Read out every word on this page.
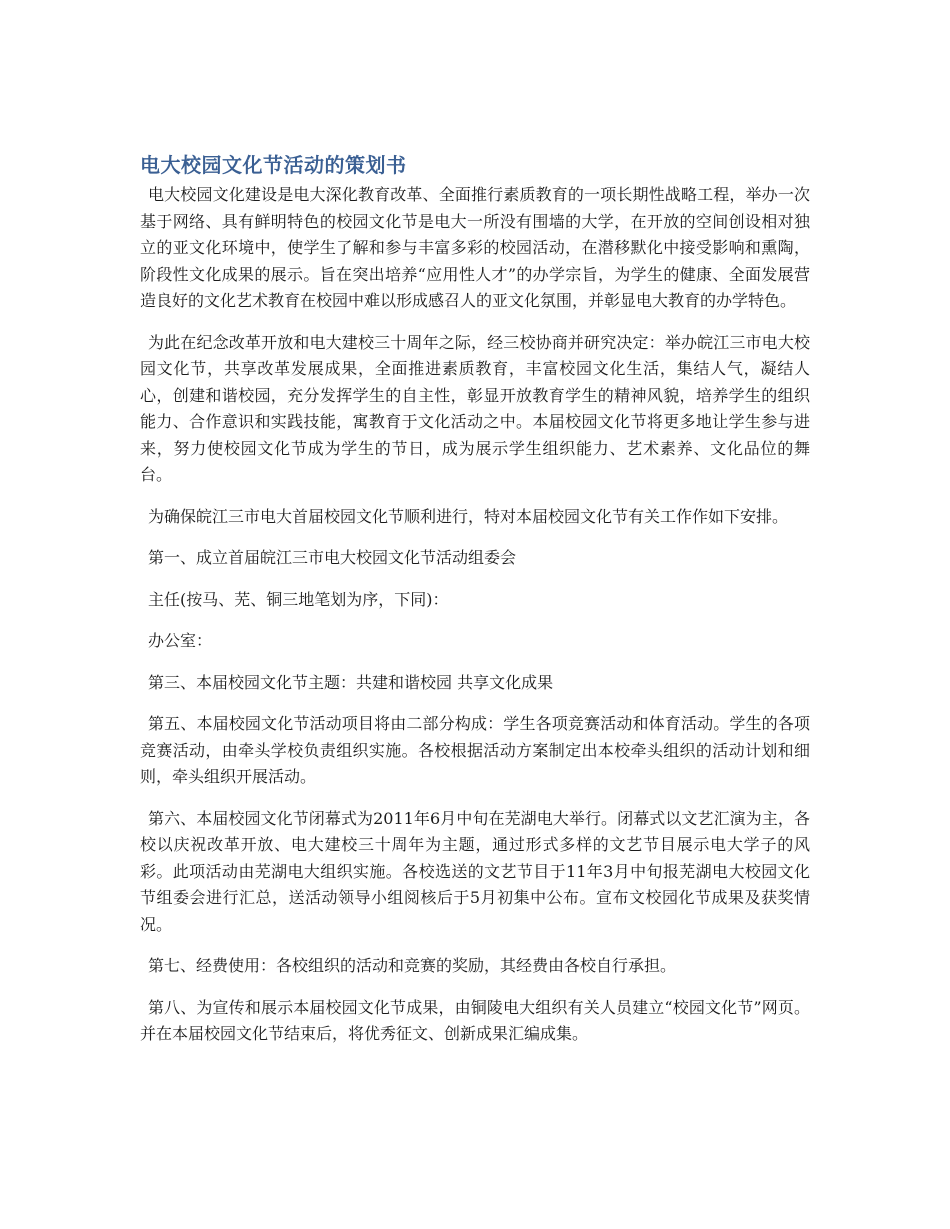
电大校园文化节活动的策划书

电大校园文化建设是电大深化教育改革、全面推行素质教育的一项长期性战略工程，举办一次基于网络、具有鲜明特色的校园文化节是电大一所没有围墙的大学，在开放的空间创设相对独立的亚文化环境中，使学生了解和参与丰富多彩的校园活动，在潜移默化中接受影响和熏陶，阶段性文化成果的展示。旨在突出培养“应用性人才”的办学宗旨，为学生的健康、全面发展营造良好的文化艺术教育在校园中难以形成感召人的亚文化氛围，并彰显电大教育的办学特色。

为此在纪念改革开放和电大建校三十周年之际，经三校协商并研究决定：举办皖江三市电大校园文化节，共享改革发展成果，全面推进素质教育，丰富校园文化生活，集结人气，凝结人心，创建和谐校园，充分发挥学生的自主性，彰显开放教育学生的精神风貌，培养学生的组织能力、合作意识和实践技能，寓教育于文化活动之中。本届校园文化节将更多地让学生参与进来，努力使校园文化节成为学生的节日，成为展示学生组织能力、艺术素养、文化品位的舞台。

为确保皖江三市电大首届校园文化节顺利进行，特对本届校园文化节有关工作作如下安排。

第一、成立首届皖江三市电大校园文化节活动组委会

主任(按马、芜、铜三地笔划为序，下同)：

办公室：

第三、本届校园文化节主题：共建和谐校园 共享文化成果

第五、本届校园文化节活动项目将由二部分构成：学生各项竞赛活动和体育活动。学生的各项竞赛活动，由牵头学校负责组织实施。各校根据活动方案制定出本校牵头组织的活动计划和细则，牵头组织开展活动。

第六、本届校园文化节闭幕式为2011年6月中旬在芜湖电大举行。闭幕式以文艺汇演为主，各校以庆祝改革开放、电大建校三十周年为主题，通过形式多样的文艺节目展示电大学子的风彩。此项活动由芜湖电大组织实施。各校选送的文艺节目于11年3月中旬报芜湖电大校园文化节组委会进行汇总，送活动领导小组阅核后于5月初集中公布。宣布文校园化节成果及获奖情况。

第七、经费使用：各校组织的活动和竞赛的奖励，其经费由各校自行承担。

第八、为宣传和展示本届校园文化节成果，由铜陵电大组织有关人员建立“校园文化节”网页。并在本届校园文化节结束后，将优秀征文、创新成果汇编成集。
